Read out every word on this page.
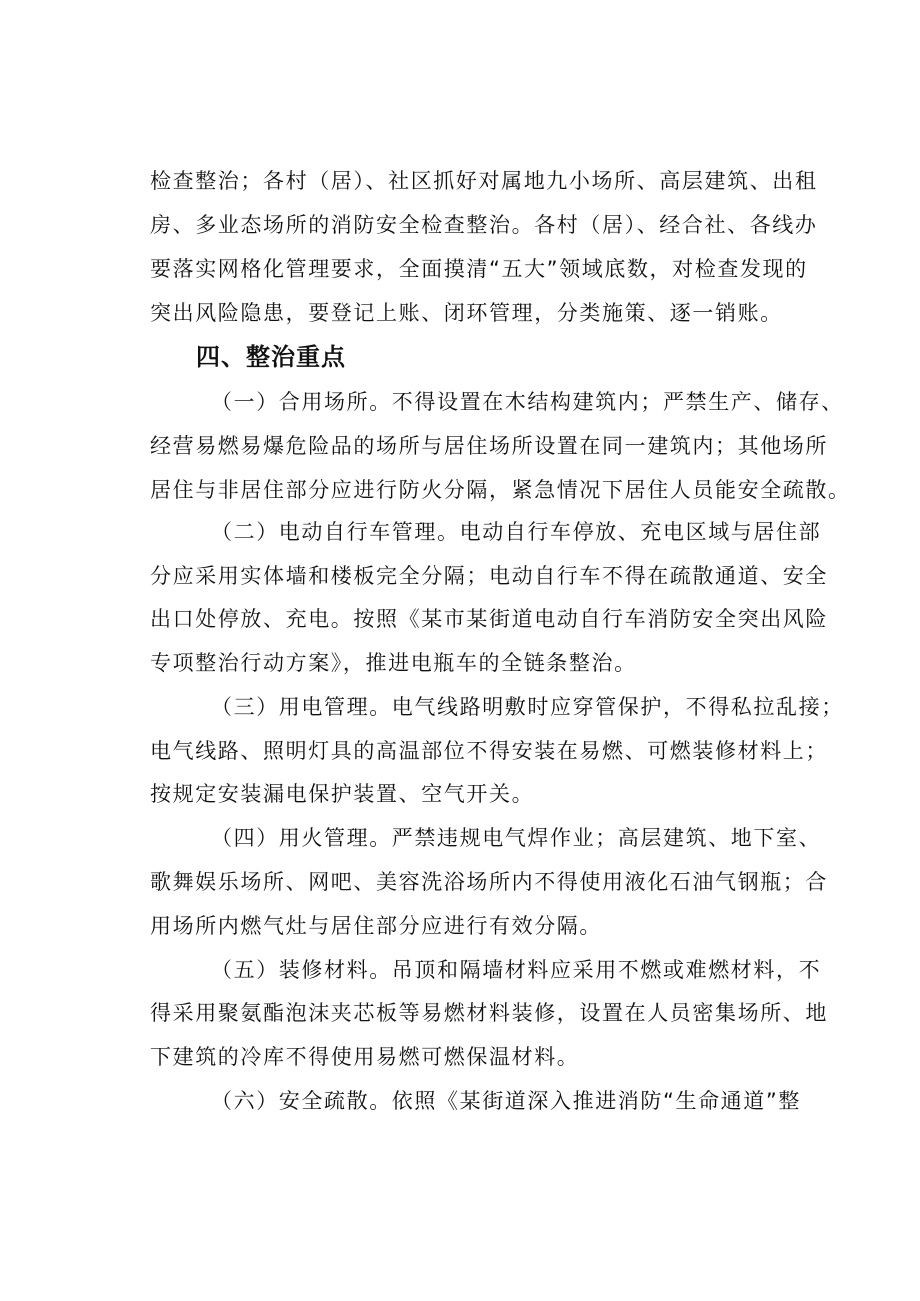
检查整治；各村（居）、社区抓好对属地九小场所、高层建筑、出租
房、多业态场所的消防安全检查整治。各村（居）、经合社、各线办
要落实网格化管理要求，全面摸清“五大”领域底数，对检查发现的
突出风险隐患，要登记上账、闭环管理，分类施策、逐一销账。
四、整治重点
（一）合用场所。不得设置在木结构建筑内；严禁生产、储存、
经营易燃易爆危险品的场所与居住场所设置在同一建筑内；其他场所
居住与非居住部分应进行防火分隔，紧急情况下居住人员能安全疏散。
（二）电动自行车管理。电动自行车停放、充电区域与居住部
分应采用实体墙和楼板完全分隔；电动自行车不得在疏散通道、安全
出口处停放、充电。按照《某市某街道电动自行车消防安全突出风险
专项整治行动方案》，推进电瓶车的全链条整治。
（三）用电管理。电气线路明敷时应穿管保护，不得私拉乱接；
电气线路、照明灯具的高温部位不得安装在易燃、可燃装修材料上；
按规定安装漏电保护装置、空气开关。
（四）用火管理。严禁违规电气焊作业；高层建筑、地下室、
歌舞娱乐场所、网吧、美容洗浴场所内不得使用液化石油气钢瓶；合
用场所内燃气灶与居住部分应进行有效分隔。
（五）装修材料。吊顶和隔墙材料应采用不燃或难燃材料，不
得采用聚氨酯泡沫夹芯板等易燃材料装修，设置在人员密集场所、地
下建筑的冷库不得使用易燃可燃保温材料。
（六）安全疏散。依照《某街道深入推进消防“生命通道”整
